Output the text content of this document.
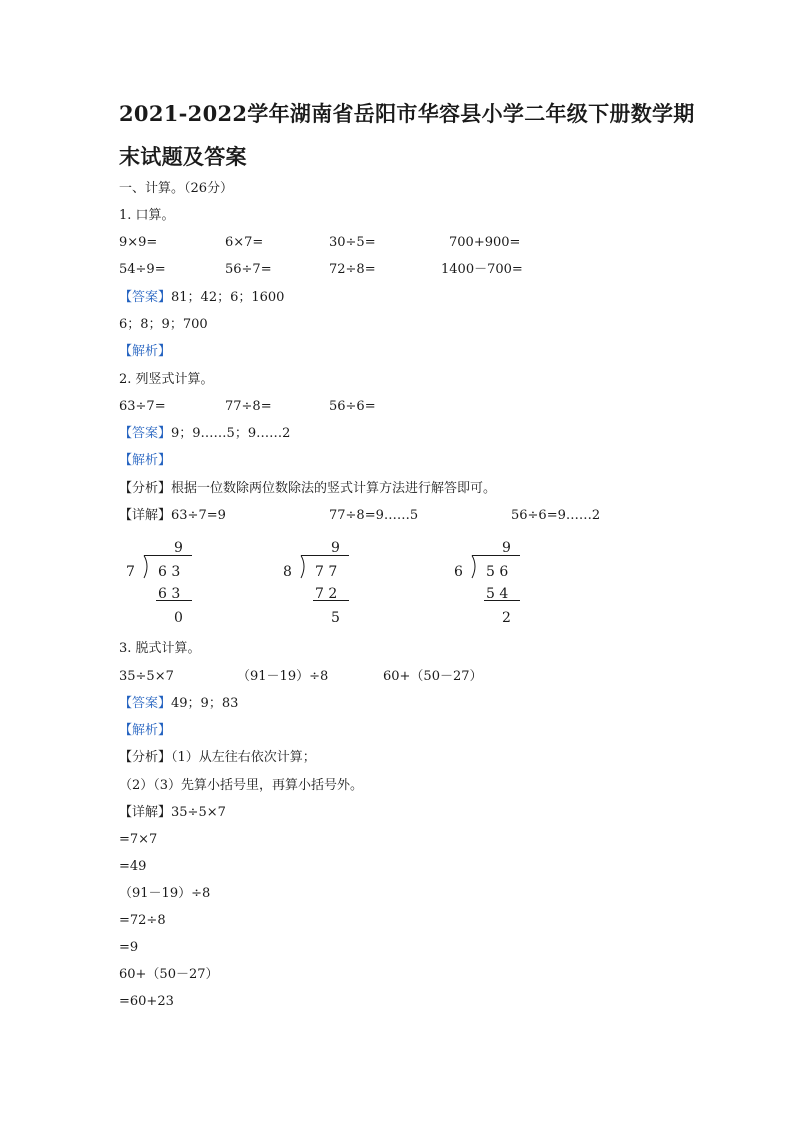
2021-2022学年湖南省岳阳市华容县小学二年级下册数学期
末试题及答案
一、计算。（26分）
1. 口算。
9×9=	6×7=	30÷5=	700+900=
54÷9=	56÷7=	72÷8=	1400－700=
【答案】81；42；6；1600
6；8；9；700
【解析】
2. 列竖式计算。
63÷7=	77÷8=	56÷6=
【答案】9；9……5；9……2
【解析】
【分析】根据一位数除两位数除法的竖式计算方法进行解答即可。
【详解】63÷7=9	77÷8=9……5	56÷6=9……2
9
7 6 3
6 3
0
9
8 7 7
7 2
5
9
6 5 6
5 4
2
3. 脱式计算。
35÷5×7	（91－19）÷8	60+（50－27）
【答案】49；9；83
【解析】
【分析】（1）从左往右依次计算；
（2）（3）先算小括号里，再算小括号外。
【详解】35÷5×7
=7×7
=49
（91－19）÷8
=72÷8
=9
60+（50－27）
=60+23
